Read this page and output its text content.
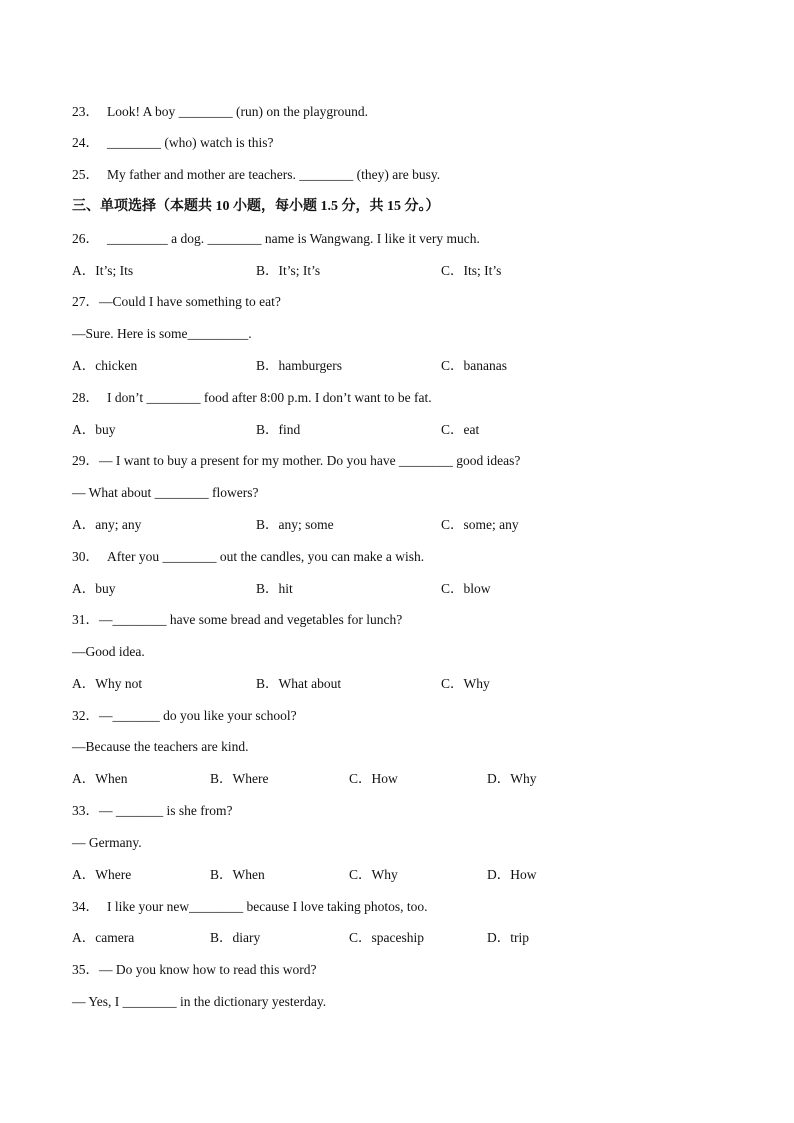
23． Look! A boy ________ (run) on the playground.

24． ________ (who) watch is this?

25． My father and mother are teachers. ________ (they) are busy.

三、单项选择（本题共 10 小题，每小题 1.5 分，共 15 分。）

26． _________ a dog. ________ name is Wangwang. I like it very much.

A．It’s; Its	B．It’s; It’s	C．Its; It’s

27．—Could I have something to eat?

—Sure. Here is some_________.

A．chicken	B．hamburgers	C．bananas

28． I don’t ________ food after 8:00 p.m. I don’t want to be fat.

A．buy	B．find	C．eat

29．— I want to buy a present for my mother. Do you have ________ good ideas?

— What about ________ flowers?

A．any; any	B．any; some	C．some; any

30． After you ________ out the candles, you can make a wish.

A．buy	B．hit	C．blow

31．—________ have some bread and vegetables for lunch?

—Good idea.

A．Why not	B．What about	C．Why

32．—_______ do you like your school?

—Because the teachers are kind.

A．When	B．Where	C．How	D．Why

33．— _______ is she from?

— Germany.

A．Where	B．When	C．Why	D．How

34． I like your new________ because I love taking photos, too.

A．camera	B．diary	C．spaceship	D．trip

35．— Do you know how to read this word?

— Yes, I ________ in the dictionary yesterday.
